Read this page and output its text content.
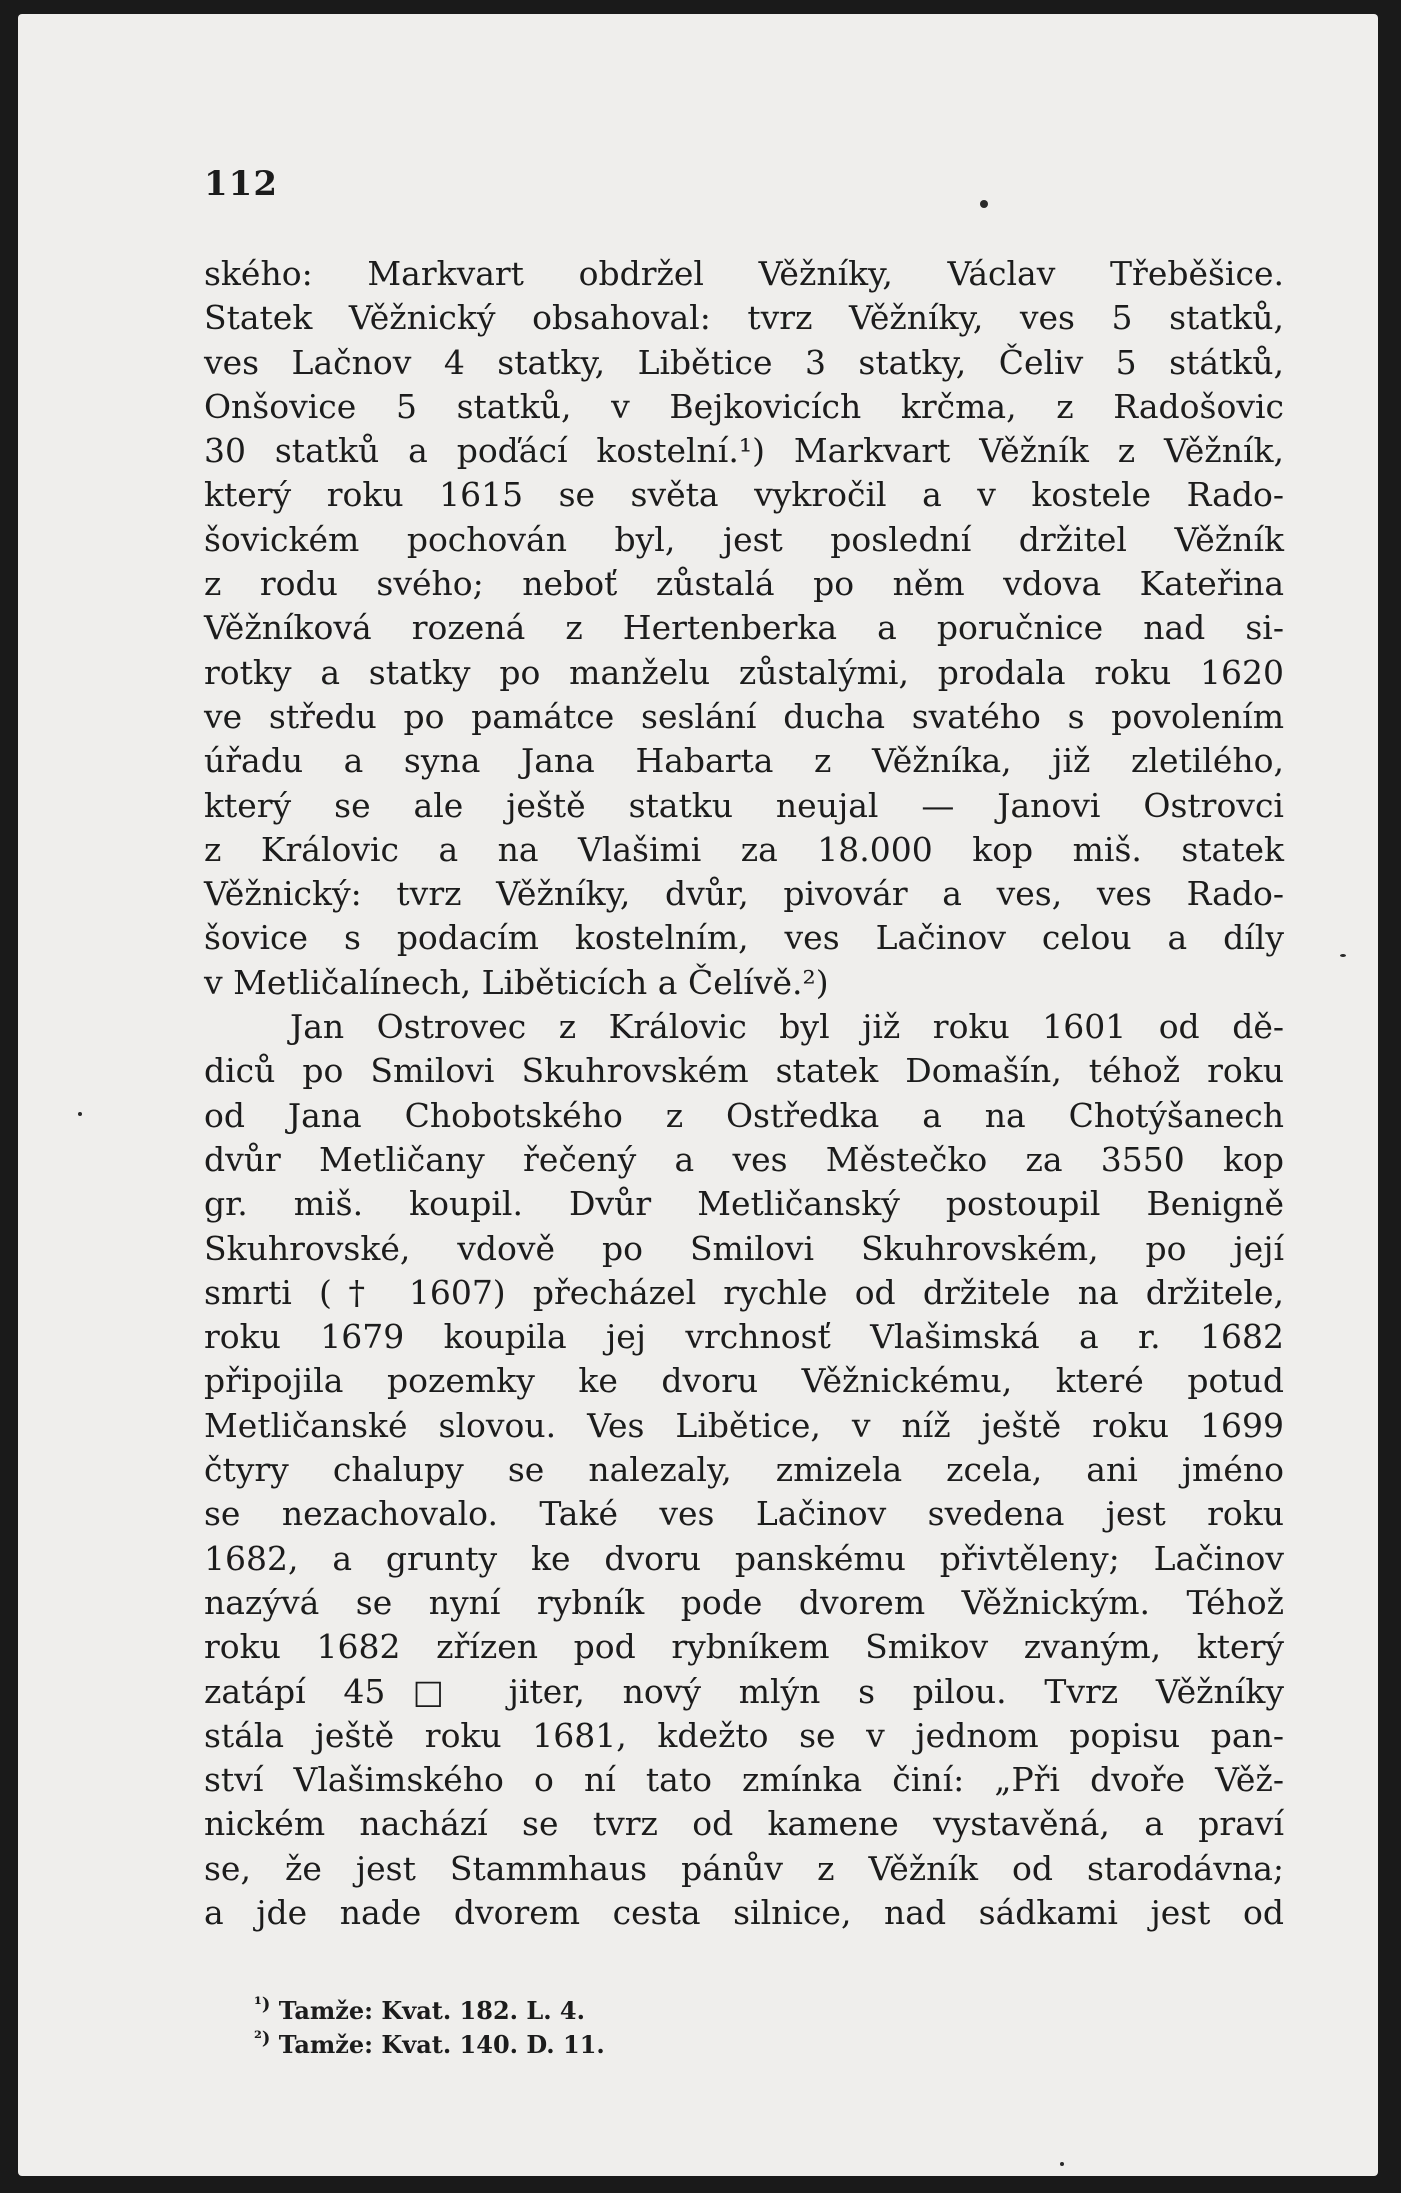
112
ského: Markvart obdržel Věžníky, Václav Třeběšice.
Statek Věžnický obsahoval: tvrz Věžníky, ves 5 statků,
ves Lačnov 4 statky, Libětice 3 statky, Čeliv 5 státků,
Onšovice 5 statků, v Bejkovicích krčma, z Radošovic
30 statků a poďácí kostelní.¹) Markvart Věžník z Věžník,
který roku 1615 se světa vykročil a v kostele Rado-
šovickém pochován byl, jest poslední držitel Věžník
z rodu svého; neboť zůstalá po něm vdova Kateřina
Věžníková rozená z Hertenberka a poručnice nad si-
rotky a statky po manželu zůstalými, prodala roku 1620
ve středu po památce seslání ducha svatého s povolením
úřadu a syna Jana Habarta z Věžníka, již zletilého,
který se ale ještě statku neujal — Janovi Ostrovci
z Královic a na Vlašimi za 18.000 kop miš. statek
Věžnický: tvrz Věžníky, dvůr, pivovár a ves, ves Rado-
šovice s podacím kostelním, ves Lačinov celou a díly
v Metličalínech, Liběticích a Čelívě.²)
Jan Ostrovec z Královic byl již roku 1601 od dě-
diců po Smilovi Skuhrovském statek Domašín, téhož roku
od Jana Chobotského z Ostředka a na Chotýšanech
dvůr Metličany řečený a ves Městečko za 3550 kop
gr. miš. koupil. Dvůr Metličanský postoupil Benigně
Skuhrovské, vdově po Smilovi Skuhrovském, po její
smrti († 1607) přecházel rychle od držitele na držitele,
roku 1679 koupila jej vrchnosť Vlašimská a r. 1682
připojila pozemky ke dvoru Věžnickému, které potud
Metličanské slovou. Ves Libětice, v níž ještě roku 1699
čtyry chalupy se nalezaly, zmizela zcela, ani jméno
se nezachovalo. Také ves Lačinov svedena jest roku
1682, a grunty ke dvoru panskému přivtěleny; Lačinov
nazývá se nyní rybník pode dvorem Věžnickým. Téhož
roku 1682 zřízen pod rybníkem Smikov zvaným, který
zatápí 45□ jiter, nový mlýn s pilou. Tvrz Věžníky
stála ještě roku 1681, kdežto se v jednom popisu pan-
ství Vlašimského o ní tato zmínka činí: „Při dvoře Věž-
nickém nachází se tvrz od kamene vystavěná, a praví
se, že jest Stammhaus pánův z Věžník od starodávna;
a jde nade dvorem cesta silnice, nad sádkami jest od
$^{^1)}$ Tamže: Kvat. 182. L. 4.
$^{^2)}$ Tamže: Kvat. 140. D. 11.
